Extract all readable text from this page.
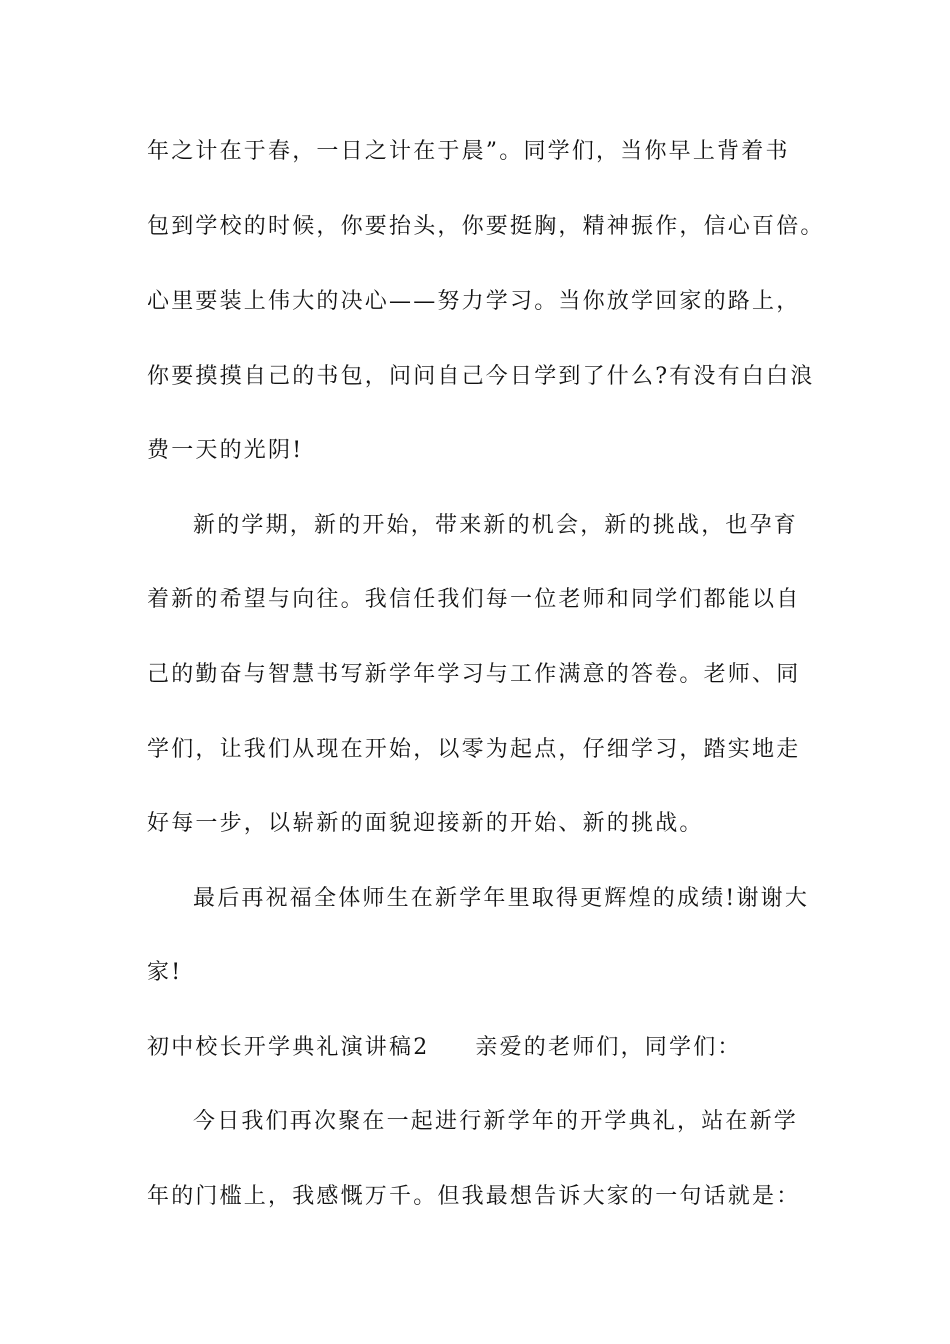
年之计在于春，一日之计在于晨”。同学们，当你早上背着书
包到学校的时候，你要抬头，你要挺胸，精神振作，信心百倍。
心里要装上伟大的决心——努力学习。当你放学回家的路上，
你要摸摸自己的书包，问问自己今日学到了什么?有没有白白浪
费一天的光阴!
新的学期，新的开始，带来新的机会，新的挑战，也孕育
着新的希望与向往。我信任我们每一位老师和同学们都能以自
己的勤奋与智慧书写新学年学习与工作满意的答卷。老师、同
学们，让我们从现在开始，以零为起点，仔细学习，踏实地走
好每一步，以崭新的面貌迎接新的开始、新的挑战。
最后再祝福全体师生在新学年里取得更辉煌的成绩!谢谢大
家!
初中校长开学典礼演讲稿2 亲爱的老师们，同学们：
今日我们再次聚在一起进行新学年的开学典礼，站在新学
年的门槛上，我感慨万千。但我最想告诉大家的一句话就是：
